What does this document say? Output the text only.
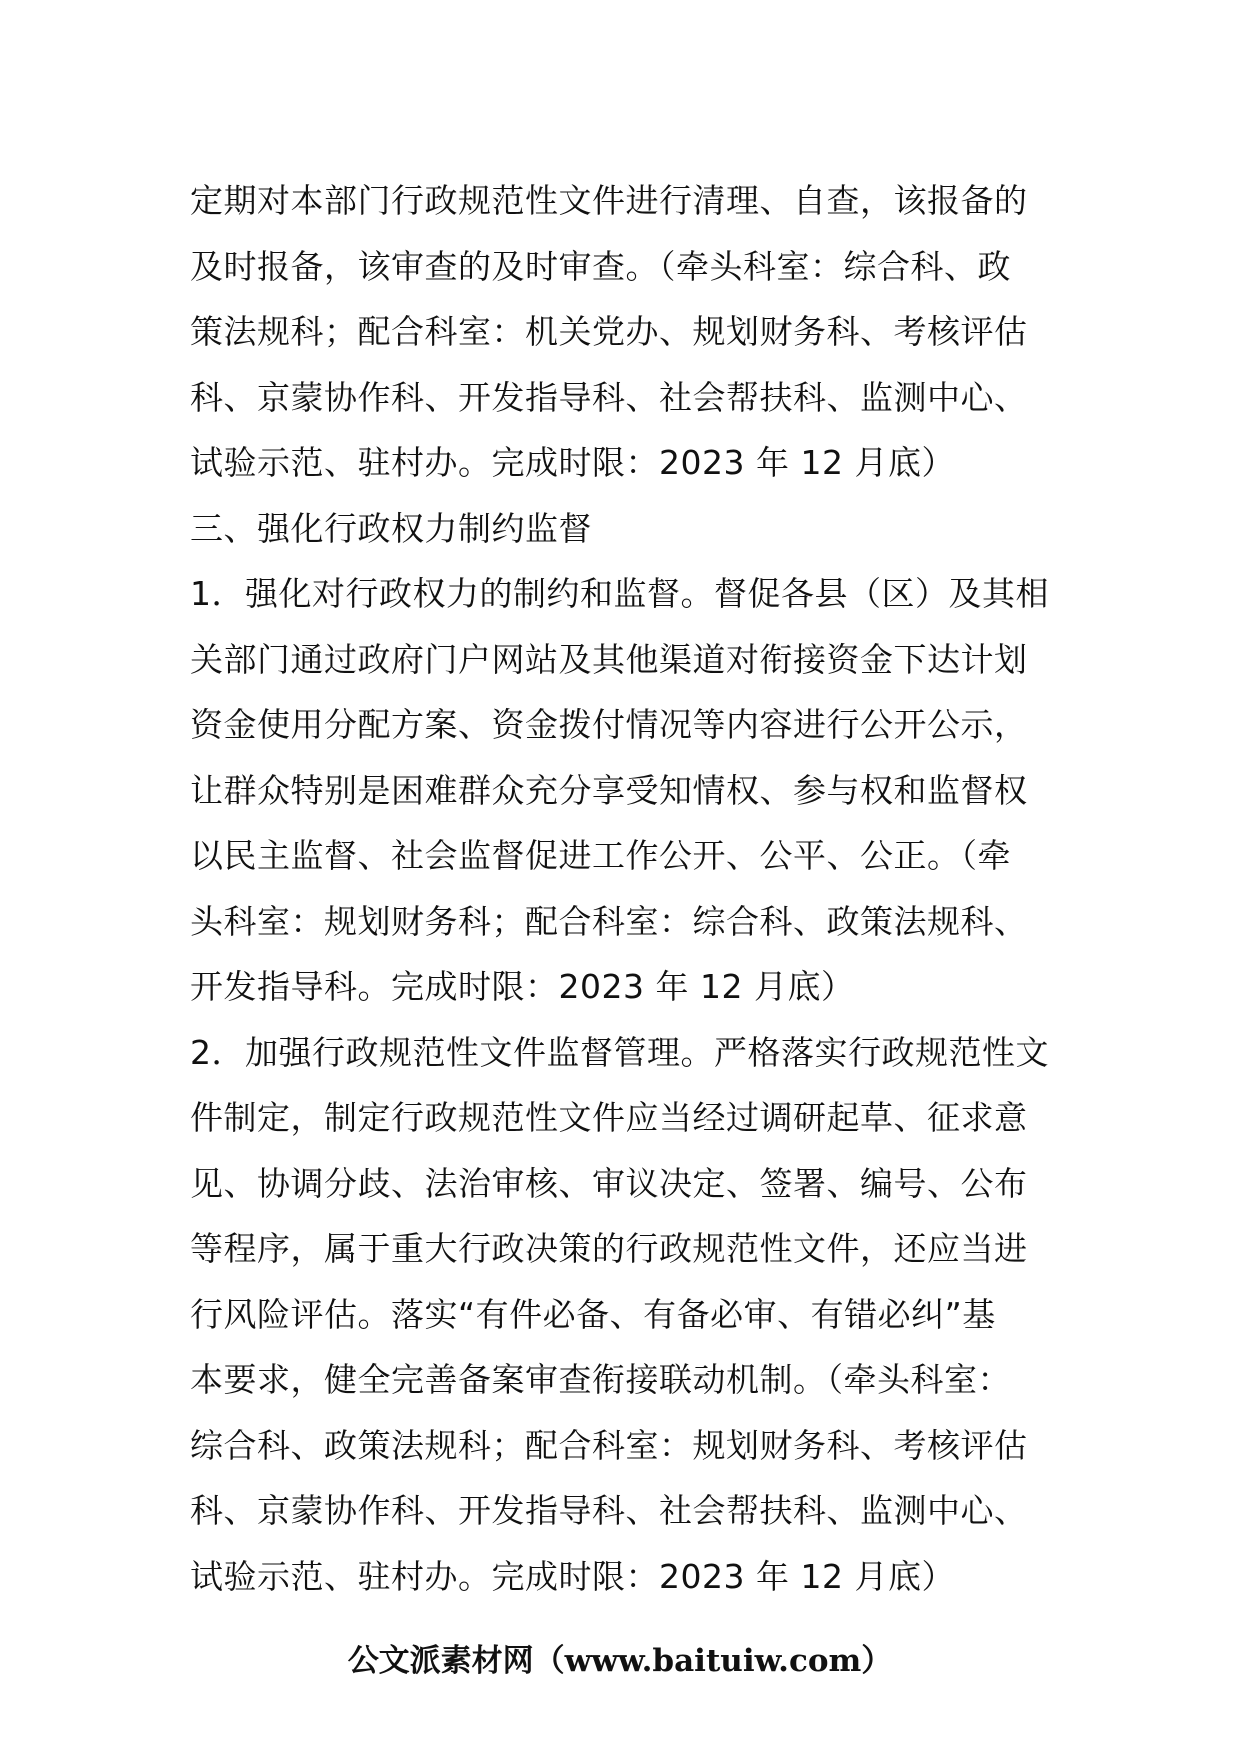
定期对本部门行政规范性文件进行清理、自查，该报备的
及时报备，该审查的及时审查。（牵头科室：综合科、政
策法规科；配合科室：机关党办、规划财务科、考核评估
科、京蒙协作科、开发指导科、社会帮扶科、监测中心、
试验示范、驻村办。完成时限：2023 年 12 月底）
三、强化行政权力制约监督
1．强化对行政权力的制约和监督。督促各县（区）及其相
关部门通过政府门户网站及其他渠道对衔接资金下达计划
资金使用分配方案、资金拨付情况等内容进行公开公示，
让群众特别是困难群众充分享受知情权、参与权和监督权
以民主监督、社会监督促进工作公开、公平、公正。（牵
头科室：规划财务科；配合科室：综合科、政策法规科、
开发指导科。完成时限：2023 年 12 月底）
2．加强行政规范性文件监督管理。严格落实行政规范性文
件制定，制定行政规范性文件应当经过调研起草、征求意
见、协调分歧、法治审核、审议决定、签署、编号、公布
等程序，属于重大行政决策的行政规范性文件，还应当进
行风险评估。落实“有件必备、有备必审、有错必纠”基
本要求，健全完善备案审查衔接联动机制。（牵头科室：
综合科、政策法规科；配合科室：规划财务科、考核评估
科、京蒙协作科、开发指导科、社会帮扶科、监测中心、
试验示范、驻村办。完成时限：2023 年 12 月底）
公文派素材网（www.baituiw.com）
